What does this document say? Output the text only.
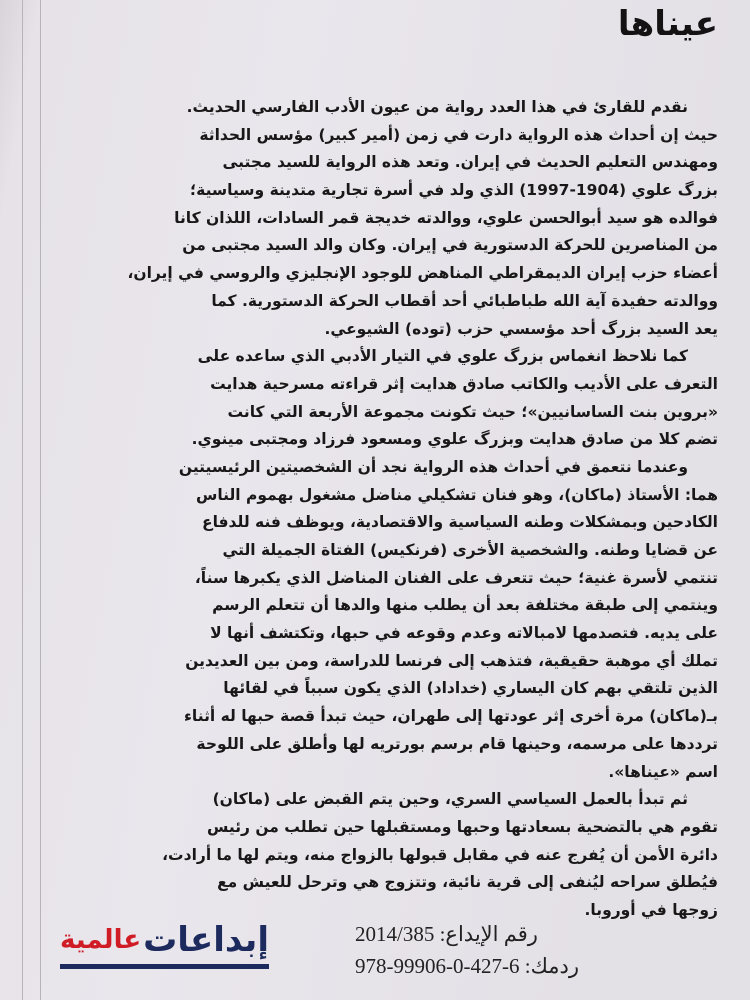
عيناها
نقدم للقارئ في هذا العدد رواية من عيون الأدب الفارسي الحديث.
حيث إن أحداث هذه الرواية دارت في زمن (أمير كبير) مؤسس الحداثة
ومهندس التعليم الحديث في إيران. وتعد هذه الرواية للسيد مجتبى
بزرگ علوي (1904-1997) الذي ولد في أسرة تجارية متدينة وسياسية؛
فوالده هو سيد أبوالحسن علوي، ووالدته خديجة قمر السادات، اللذان كانا
من المناصرين للحركة الدستورية في إيران. وكان والد السيد مجتبى من
أعضاء حزب إيران الديمقراطي المناهض للوجود الإنجليزي والروسي في إيران،
ووالدته حفيدة آية الله طباطبائي أحد أقطاب الحركة الدستورية. كما
يعد السيد بزرگ أحد مؤسسي حزب (توده) الشيوعي.
كما نلاحظ انغماس بزرگ علوي في التيار الأدبي الذي ساعده على
التعرف على الأديب والكاتب صادق هدايت إثر قراءته مسرحية هدايت
«بروين بنت الساسانيين»؛ حيث تكونت مجموعة الأربعة التي كانت
تضم كلا من صادق هدايت وبزرگ علوي ومسعود فرزاد ومجتبى مينوي.
وعندما نتعمق في أحداث هذه الرواية نجد أن الشخصيتين الرئيسيتين
هما: الأستاذ (ماكان)، وهو فنان تشكيلي مناضل مشغول بهموم الناس
الكادحين وبمشكلات وطنه السياسية والاقتصادية، ويوظف فنه للدفاع
عن قضايا وطنه. والشخصية الأخرى (فرنكيس) الفتاة الجميلة التي
تنتمي لأسرة غنية؛ حيث تتعرف على الفنان المناضل الذي يكبرها سناً،
وينتمي إلى طبقة مختلفة بعد أن يطلب منها والدها أن تتعلم الرسم
على يديه. فتصدمها لامبالاته وعدم وقوعه في حبها، وتكتشف أنها لا
تملك أي موهبة حقيقية، فتذهب إلى فرنسا للدراسة، ومن بين العديدين
الذين تلتقي بهم كان اليساري (خداداد) الذي يكون سبباً في لقائها
بـ(ماكان) مرة أخرى إثر عودتها إلى طهران، حيث تبدأ قصة حبها له أثناء
ترددها على مرسمه، وحينها قام برسم بورتريه لها وأطلق على اللوحة
اسم «عيناها».
ثم تبدأ بالعمل السياسي السري، وحين يتم القبض على (ماكان)
تقوم هي بالتضحية بسعادتها وحبها ومستقبلها حين تطلب من رئيس
دائرة الأمن أن يُفرج عنه في مقابل قبولها بالزواج منه، ويتم لها ما أرادت،
فيُطلق سراحه ليُنفى إلى قرية نائية، وتتزوج هي وترحل للعيش مع
زوجها في أوروبا.
إبداعات
عالمية	رقم الإيداع: 2014/385
ردمك: 6-427-0-99906-978
